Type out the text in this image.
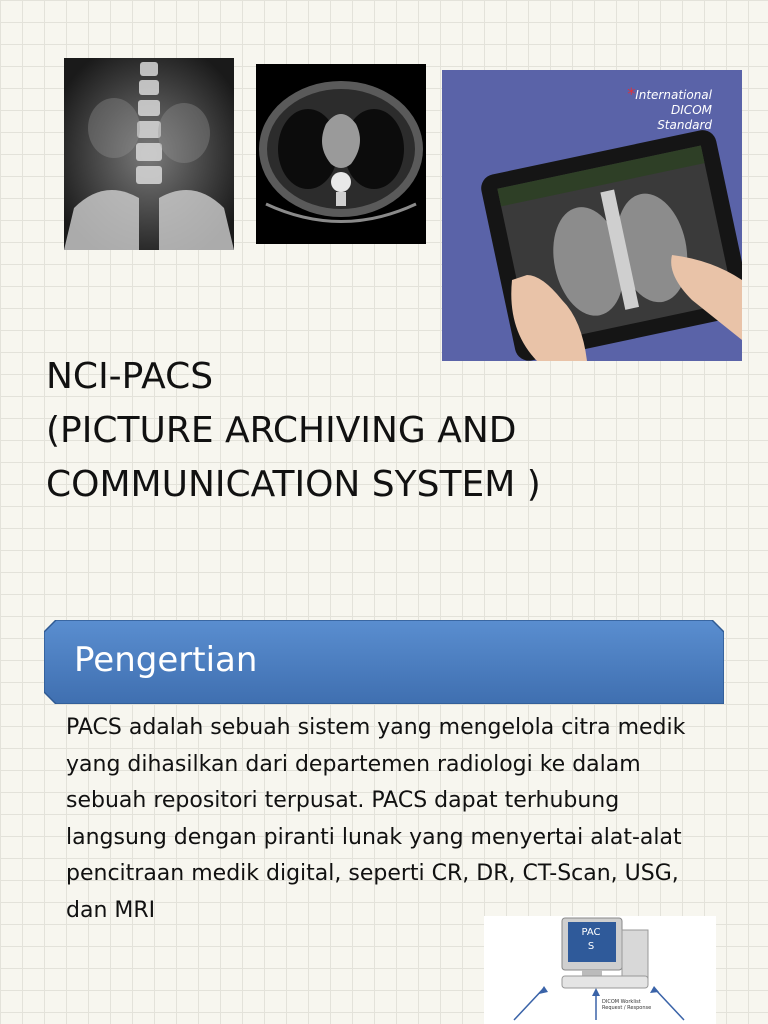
*International
DICOM
Standard
NCI-PACS
(PICTURE ARCHIVING AND
COMMUNICATION SYSTEM )
Pengertian
PACS adalah sebuah sistem yang mengelola citra medik
yang dihasilkan dari departemen radiologi ke dalam
sebuah repositori terpusat. PACS dapat terhubung
langsung dengan piranti lunak yang menyertai alat-alat
pencitraan medik digital, seperti CR, DR, CT-Scan, USG,
dan MRI
PAC
S
DICOM Worklist
Request / Response
